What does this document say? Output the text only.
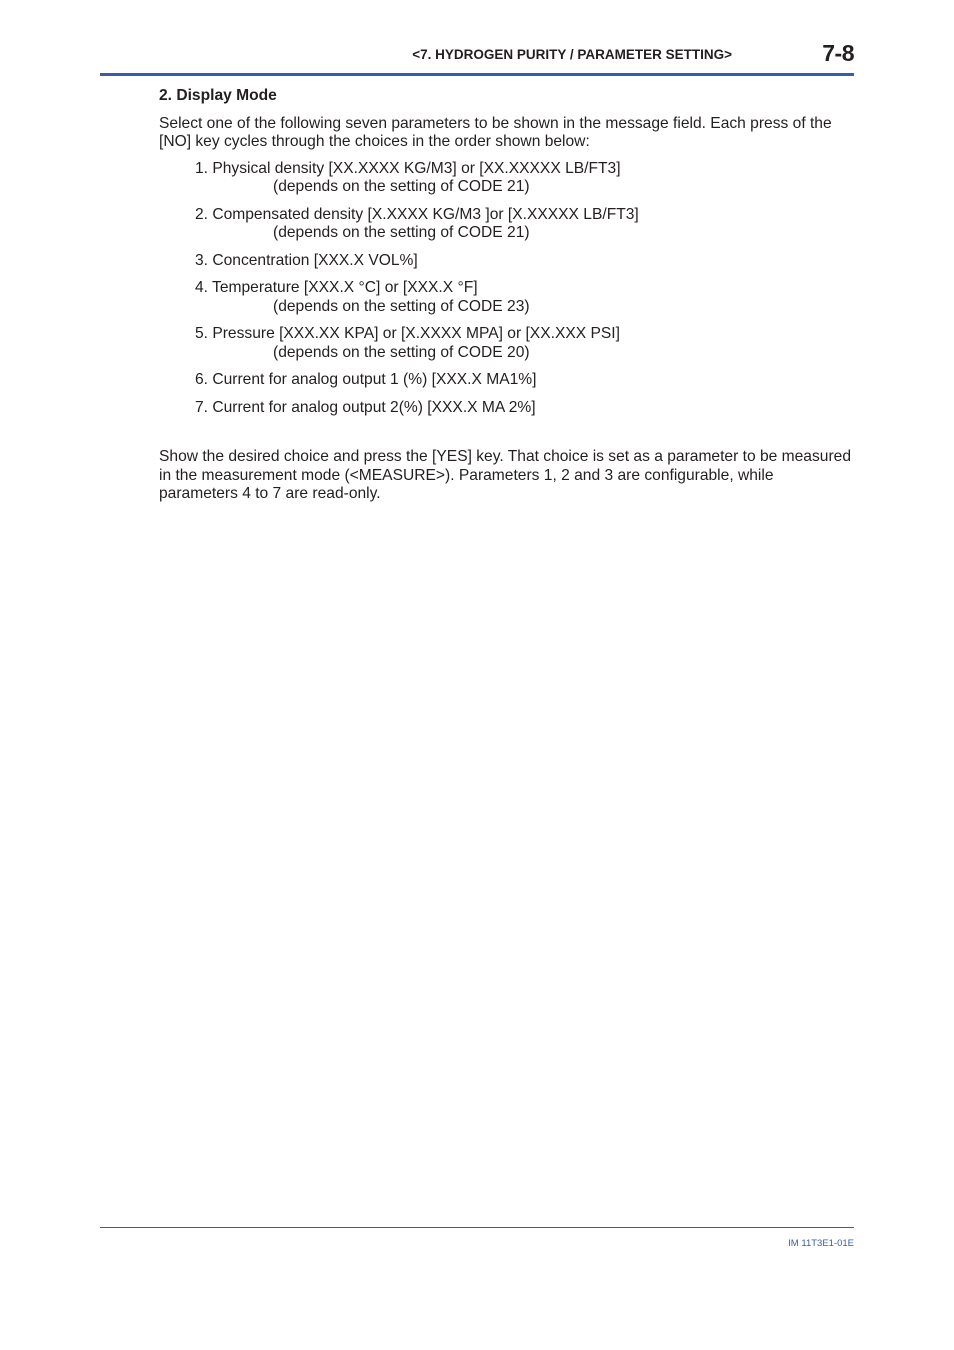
<7. HYDROGEN PURITY / PARAMETER SETTING>	7-8

2. Display Mode

Select one of the following seven parameters to be shown in the message field. Each press of the [NO] key cycles through the choices in the order shown below:

1. Physical density [XX.XXXX KG/M3] or [XX.XXXXX LB/FT3]
(depends on the setting of CODE 21)
2. Compensated density [X.XXXX KG/M3 ]or [X.XXXXX LB/FT3]
(depends on the setting of CODE 21)
3. Concentration [XXX.X VOL%]
4. Temperature [XXX.X °C] or [XXX.X °F]
(depends on the setting of CODE 23)
5. Pressure [XXX.XX KPA] or [X.XXXX MPA] or [XX.XXX PSI]
(depends on the setting of CODE 20)
6. Current for analog output 1 (%) [XXX.X MA1%]
7. Current for analog output 2(%) [XXX.X MA 2%]

Show the desired choice and press the [YES] key. That choice is set as a parameter to be measured in the measurement mode (<MEASURE>). Parameters 1, 2 and 3 are configurable, while parameters 4 to 7 are read-only.

IM 11T3E1-01E
